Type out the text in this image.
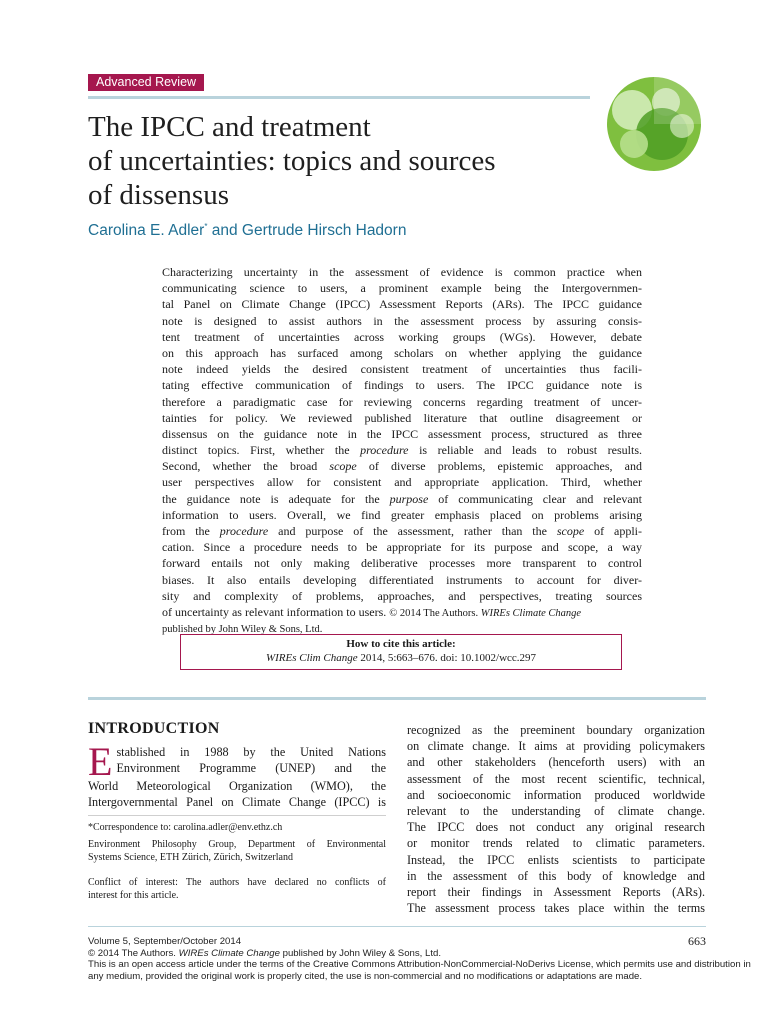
Advanced Review
The IPCC and treatment
of uncertainties: topics and sources
of dissensus
Carolina E. Adler* and Gertrude Hirsch Hadorn
Characterizing uncertainty in the assessment of evidence is common practice when
communicating science to users, a prominent example being the Intergovernmen-
tal Panel on Climate Change (IPCC) Assessment Reports (ARs). The IPCC guidance
note is designed to assist authors in the assessment process by assuring consis-
tent treatment of uncertainties across working groups (WGs). However, debate
on this approach has surfaced among scholars on whether applying the guidance
note indeed yields the desired consistent treatment of uncertainties thus facili-
tating effective communication of findings to users. The IPCC guidance note is
therefore a paradigmatic case for reviewing concerns regarding treatment of uncer-
tainties for policy. We reviewed published literature that outline disagreement or
dissensus on the guidance note in the IPCC assessment process, structured as three
distinct topics. First, whether the procedure is reliable and leads to robust results.
Second, whether the broad scope of diverse problems, epistemic approaches, and
user perspectives allow for consistent and appropriate application. Third, whether
the guidance note is adequate for the purpose of communicating clear and relevant
information to users. Overall, we find greater emphasis placed on problems arising
from the procedure and purpose of the assessment, rather than the scope of appli-
cation. Since a procedure needs to be appropriate for its purpose and scope, a way
forward entails not only making deliberative processes more transparent to control
biases. It also entails developing differentiated instruments to account for diver-
sity and complexity of problems, approaches, and perspectives, treating sources
of uncertainty as relevant information to users. © 2014 The Authors. WIREs Climate Change
published by John Wiley & Sons, Ltd.
How to cite this article:
WIREs Clim Change 2014, 5:663–676. doi: 10.1002/wcc.297
INTRODUCTION
E stablished in 1988 by the United Nations
Environment Programme (UNEP) and the
World Meteorological Organization (WMO), the
Intergovernmental Panel on Climate Change (IPCC) is
recognized as the preeminent boundary organization
on climate change. It aims at providing policymakers
and other stakeholders (henceforth users) with an
assessment of the most recent scientific, technical,
and socioeconomic information produced worldwide
relevant to the understanding of climate change.
The IPCC does not conduct any original research
or monitor trends related to climatic parameters.
Instead, the IPCC enlists scientists to participate
in the assessment of this body of knowledge and
report their findings in Assessment Reports (ARs).
The assessment process takes place within the terms
*Correspondence to: carolina.adler@env.ethz.ch
Environment Philosophy Group, Department of Environmental
Systems Science, ETH Zürich, Zürich, Switzerland
Conflict of interest: The authors have declared no conflicts of
interest for this article.
Volume 5, September/October 2014	663
© 2014 The Authors. WIREs Climate Change published by John Wiley & Sons, Ltd.
This is an open access article under the terms of the Creative Commons Attribution-NonCommercial-NoDerivs License, which permits use and distribution in
any medium, provided the original work is properly cited, the use is non-commercial and no modifications or adaptations are made.
